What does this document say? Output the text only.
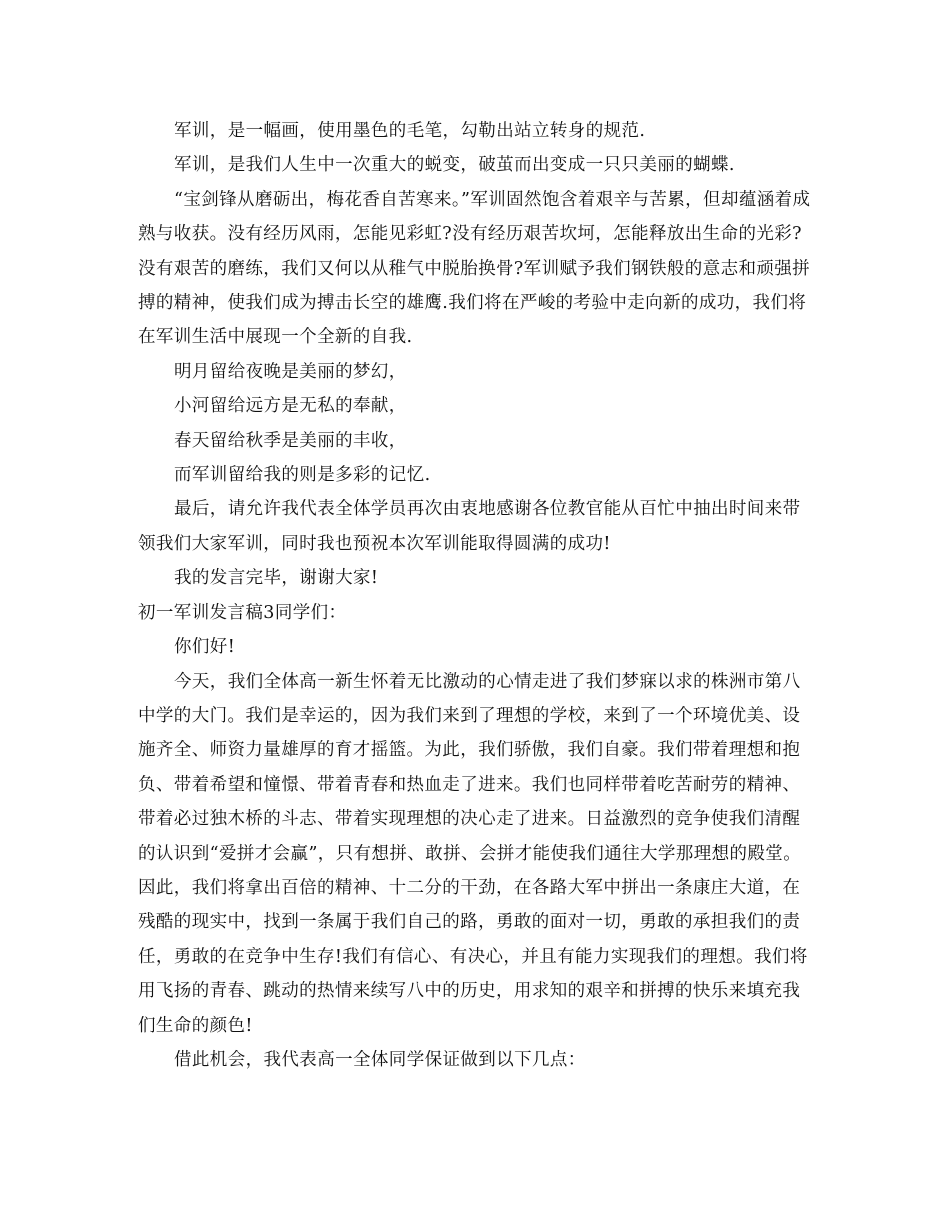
军训，是一幅画，使用墨色的毛笔，勾勒出站立转身的规范.

军训，是我们人生中一次重大的蜕变，破茧而出变成一只只美丽的蝴蝶.

“宝剑锋从磨砺出，梅花香自苦寒来。”军训固然饱含着艰辛与苦累，但却蕴涵着成熟与收获。没有经历风雨，怎能见彩虹?没有经历艰苦坎坷，怎能释放出生命的光彩?没有艰苦的磨练，我们又何以从稚气中脱胎换骨?军训赋予我们钢铁般的意志和顽强拼搏的精神，使我们成为搏击长空的雄鹰.我们将在严峻的考验中走向新的成功，我们将在军训生活中展现一个全新的自我.

明月留给夜晚是美丽的梦幻，

小河留给远方是无私的奉献，

春天留给秋季是美丽的丰收，

而军训留给我的则是多彩的记忆.

最后，请允许我代表全体学员再次由衷地感谢各位教官能从百忙中抽出时间来带领我们大家军训，同时我也预祝本次军训能取得圆满的成功!

我的发言完毕，谢谢大家!

初一军训发言稿3同学们：

你们好!

今天，我们全体高一新生怀着无比激动的心情走进了我们梦寐以求的株洲市第八中学的大门。我们是幸运的，因为我们来到了理想的学校，来到了一个环境优美、设施齐全、师资力量雄厚的育才摇篮。为此，我们骄傲，我们自豪。我们带着理想和抱负、带着希望和憧憬、带着青春和热血走了进来。我们也同样带着吃苦耐劳的精神、带着必过独木桥的斗志、带着实现理想的决心走了进来。日益激烈的竞争使我们清醒的认识到“爱拼才会赢”，只有想拼、敢拼、会拼才能使我们通往大学那理想的殿堂。因此，我们将拿出百倍的精神、十二分的干劲，在各路大军中拼出一条康庄大道，在残酷的现实中，找到一条属于我们自己的路，勇敢的面对一切，勇敢的承担我们的责任，勇敢的在竞争中生存!我们有信心、有决心，并且有能力实现我们的理想。我们将用飞扬的青春、跳动的热情来续写八中的历史，用求知的艰辛和拼搏的快乐来填充我们生命的颜色!

借此机会，我代表高一全体同学保证做到以下几点：
